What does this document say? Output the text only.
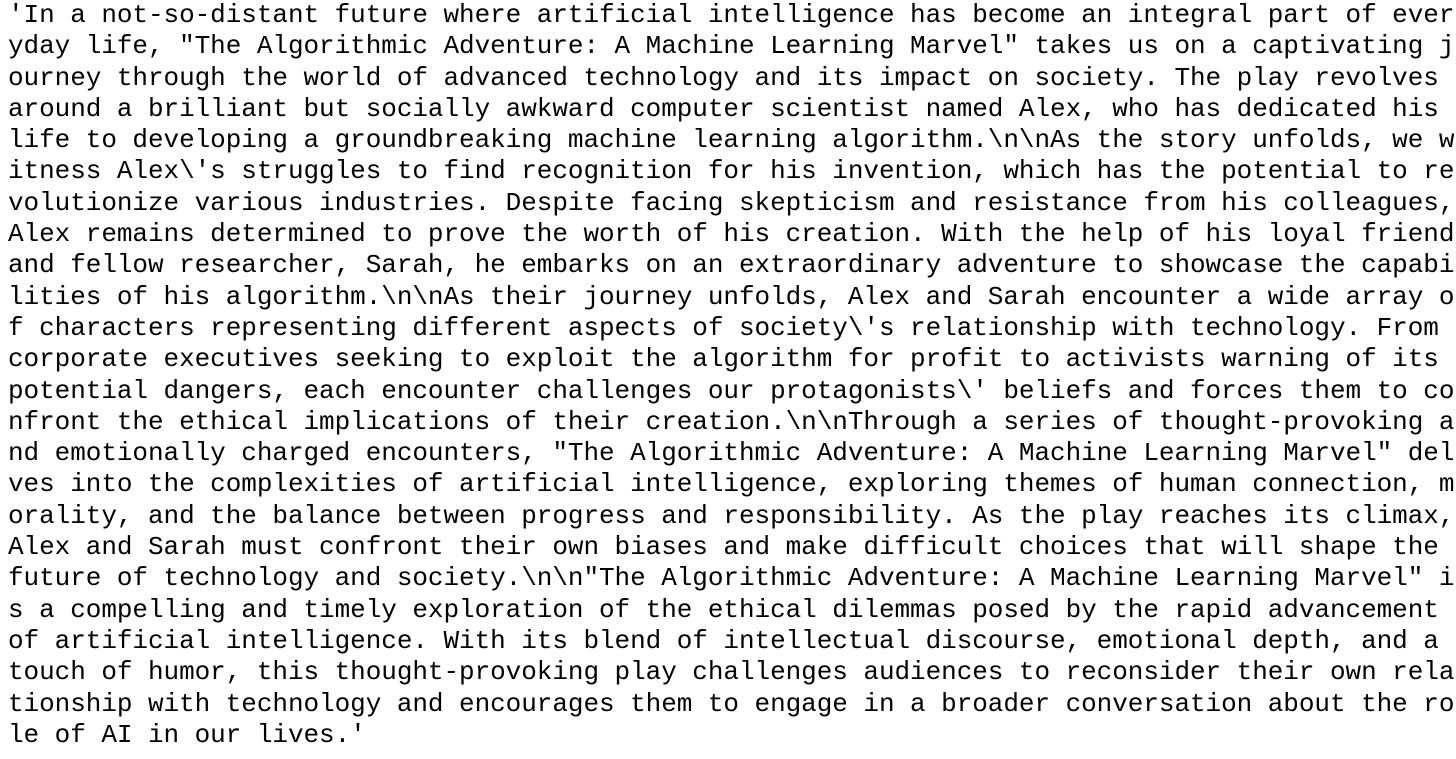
'In a not-so-distant future where artificial intelligence has become an integral part of ever
yday life, "The Algorithmic Adventure: A Machine Learning Marvel" takes us on a captivating j
ourney through the world of advanced technology and its impact on society. The play revolves
around a brilliant but socially awkward computer scientist named Alex, who has dedicated his
life to developing a groundbreaking machine learning algorithm.\n\nAs the story unfolds, we w
itness Alex\'s struggles to find recognition for his invention, which has the potential to re
volutionize various industries. Despite facing skepticism and resistance from his colleagues,
Alex remains determined to prove the worth of his creation. With the help of his loyal friend
and fellow researcher, Sarah, he embarks on an extraordinary adventure to showcase the capabi
lities of his algorithm.\n\nAs their journey unfolds, Alex and Sarah encounter a wide array o
f characters representing different aspects of society\'s relationship with technology. From
corporate executives seeking to exploit the algorithm for profit to activists warning of its
potential dangers, each encounter challenges our protagonists\' beliefs and forces them to co
nfront the ethical implications of their creation.\n\nThrough a series of thought-provoking a
nd emotionally charged encounters, "The Algorithmic Adventure: A Machine Learning Marvel" del
ves into the complexities of artificial intelligence, exploring themes of human connection, m
orality, and the balance between progress and responsibility. As the play reaches its climax,
Alex and Sarah must confront their own biases and make difficult choices that will shape the
future of technology and society.\n\n"The Algorithmic Adventure: A Machine Learning Marvel" i
s a compelling and timely exploration of the ethical dilemmas posed by the rapid advancement
of artificial intelligence. With its blend of intellectual discourse, emotional depth, and a
touch of humor, this thought-provoking play challenges audiences to reconsider their own rela
tionship with technology and encourages them to engage in a broader conversation about the ro
le of AI in our lives.'
